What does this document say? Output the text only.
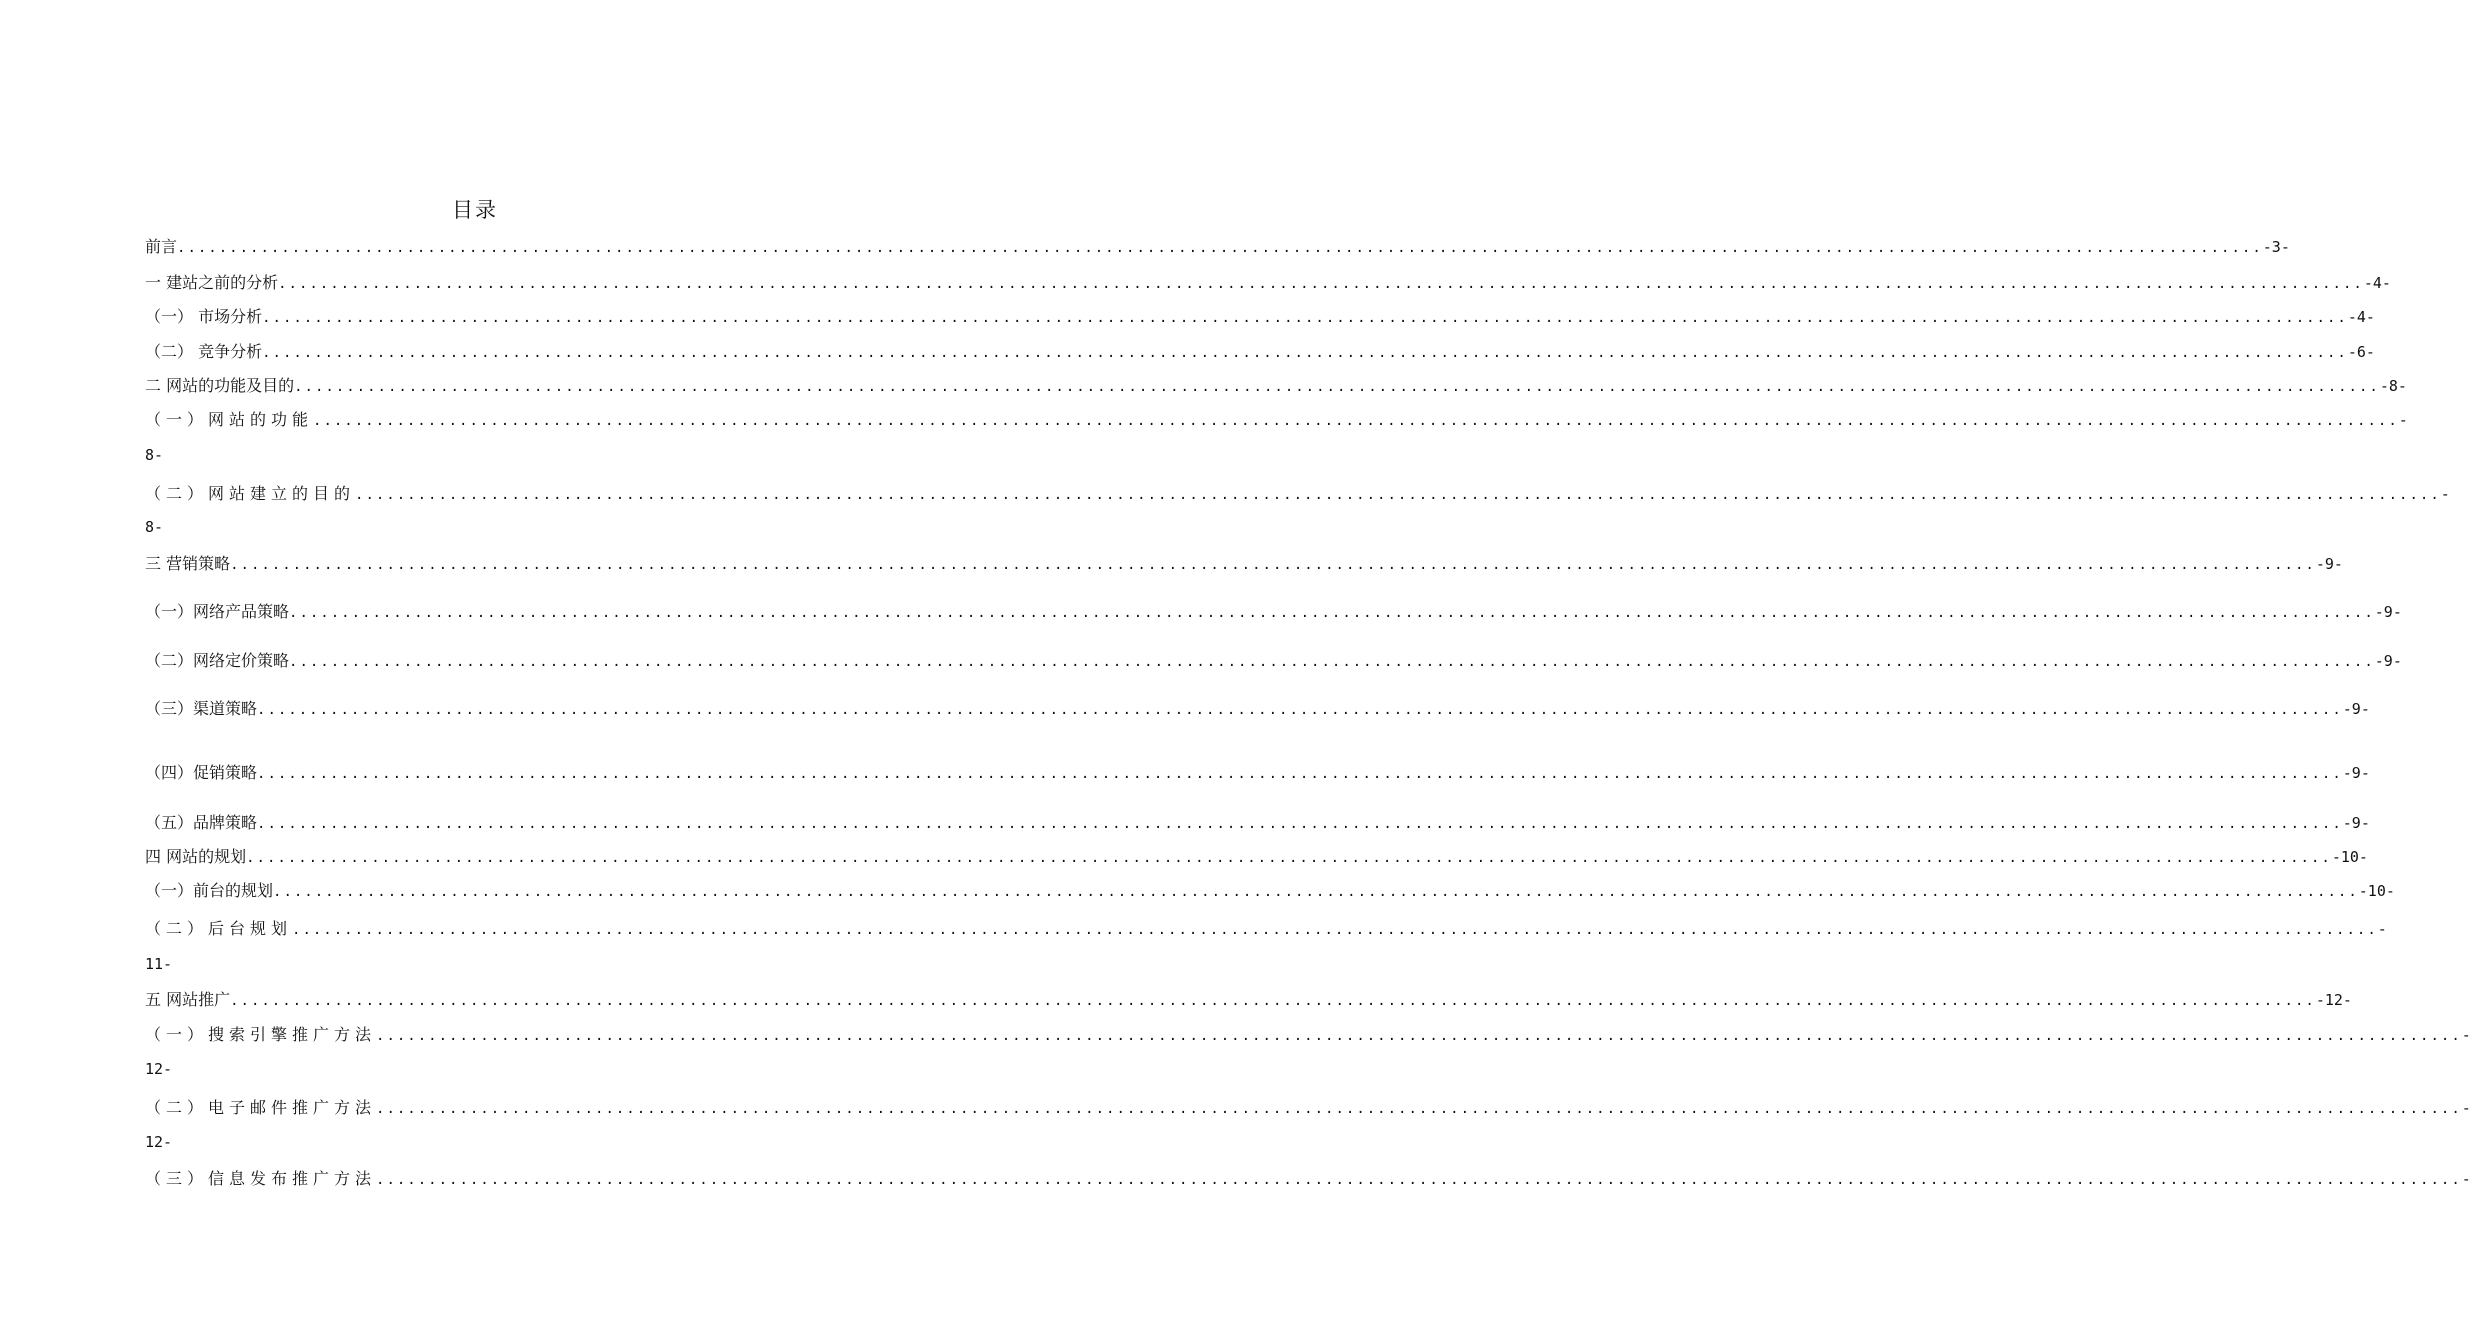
目录
前言 ........................................................................................................................................................................................................ -3-
一 建站之前的分析 ........................................................................................................................................................................................................ -4-
（一） 市场分析 ........................................................................................................................................................................................................ -4-
（二） 竞争分析 ........................................................................................................................................................................................................ -6-
二 网站的功能及目的 ........................................................................................................................................................................................................ -8-
（一）网站的功能 ........................................................................................................................................................................................................ -
8-
（二）网站建立的目的 ........................................................................................................................................................................................................ -
8-
三 营销策略 ........................................................................................................................................................................................................ -9-
（一）网络产品策略 ........................................................................................................................................................................................................ -9-
（二）网络定价策略 ........................................................................................................................................................................................................ -9-
（三）渠道策略 ........................................................................................................................................................................................................ -9-
（四）促销策略 ........................................................................................................................................................................................................ -9-
（五）品牌策略 ........................................................................................................................................................................................................ -9-
四 网站的规划 ........................................................................................................................................................................................................ -10-
（一）前台的规划 ........................................................................................................................................................................................................ -10-
（二）后台规划 ........................................................................................................................................................................................................ -
11-
五 网站推广 ........................................................................................................................................................................................................ -12-
（一）搜索引擎推广方法 ........................................................................................................................................................................................................ -
12-
（二）电子邮件推广方法 ........................................................................................................................................................................................................ -
12-
（三）信息发布推广方法 ........................................................................................................................................................................................................ -
